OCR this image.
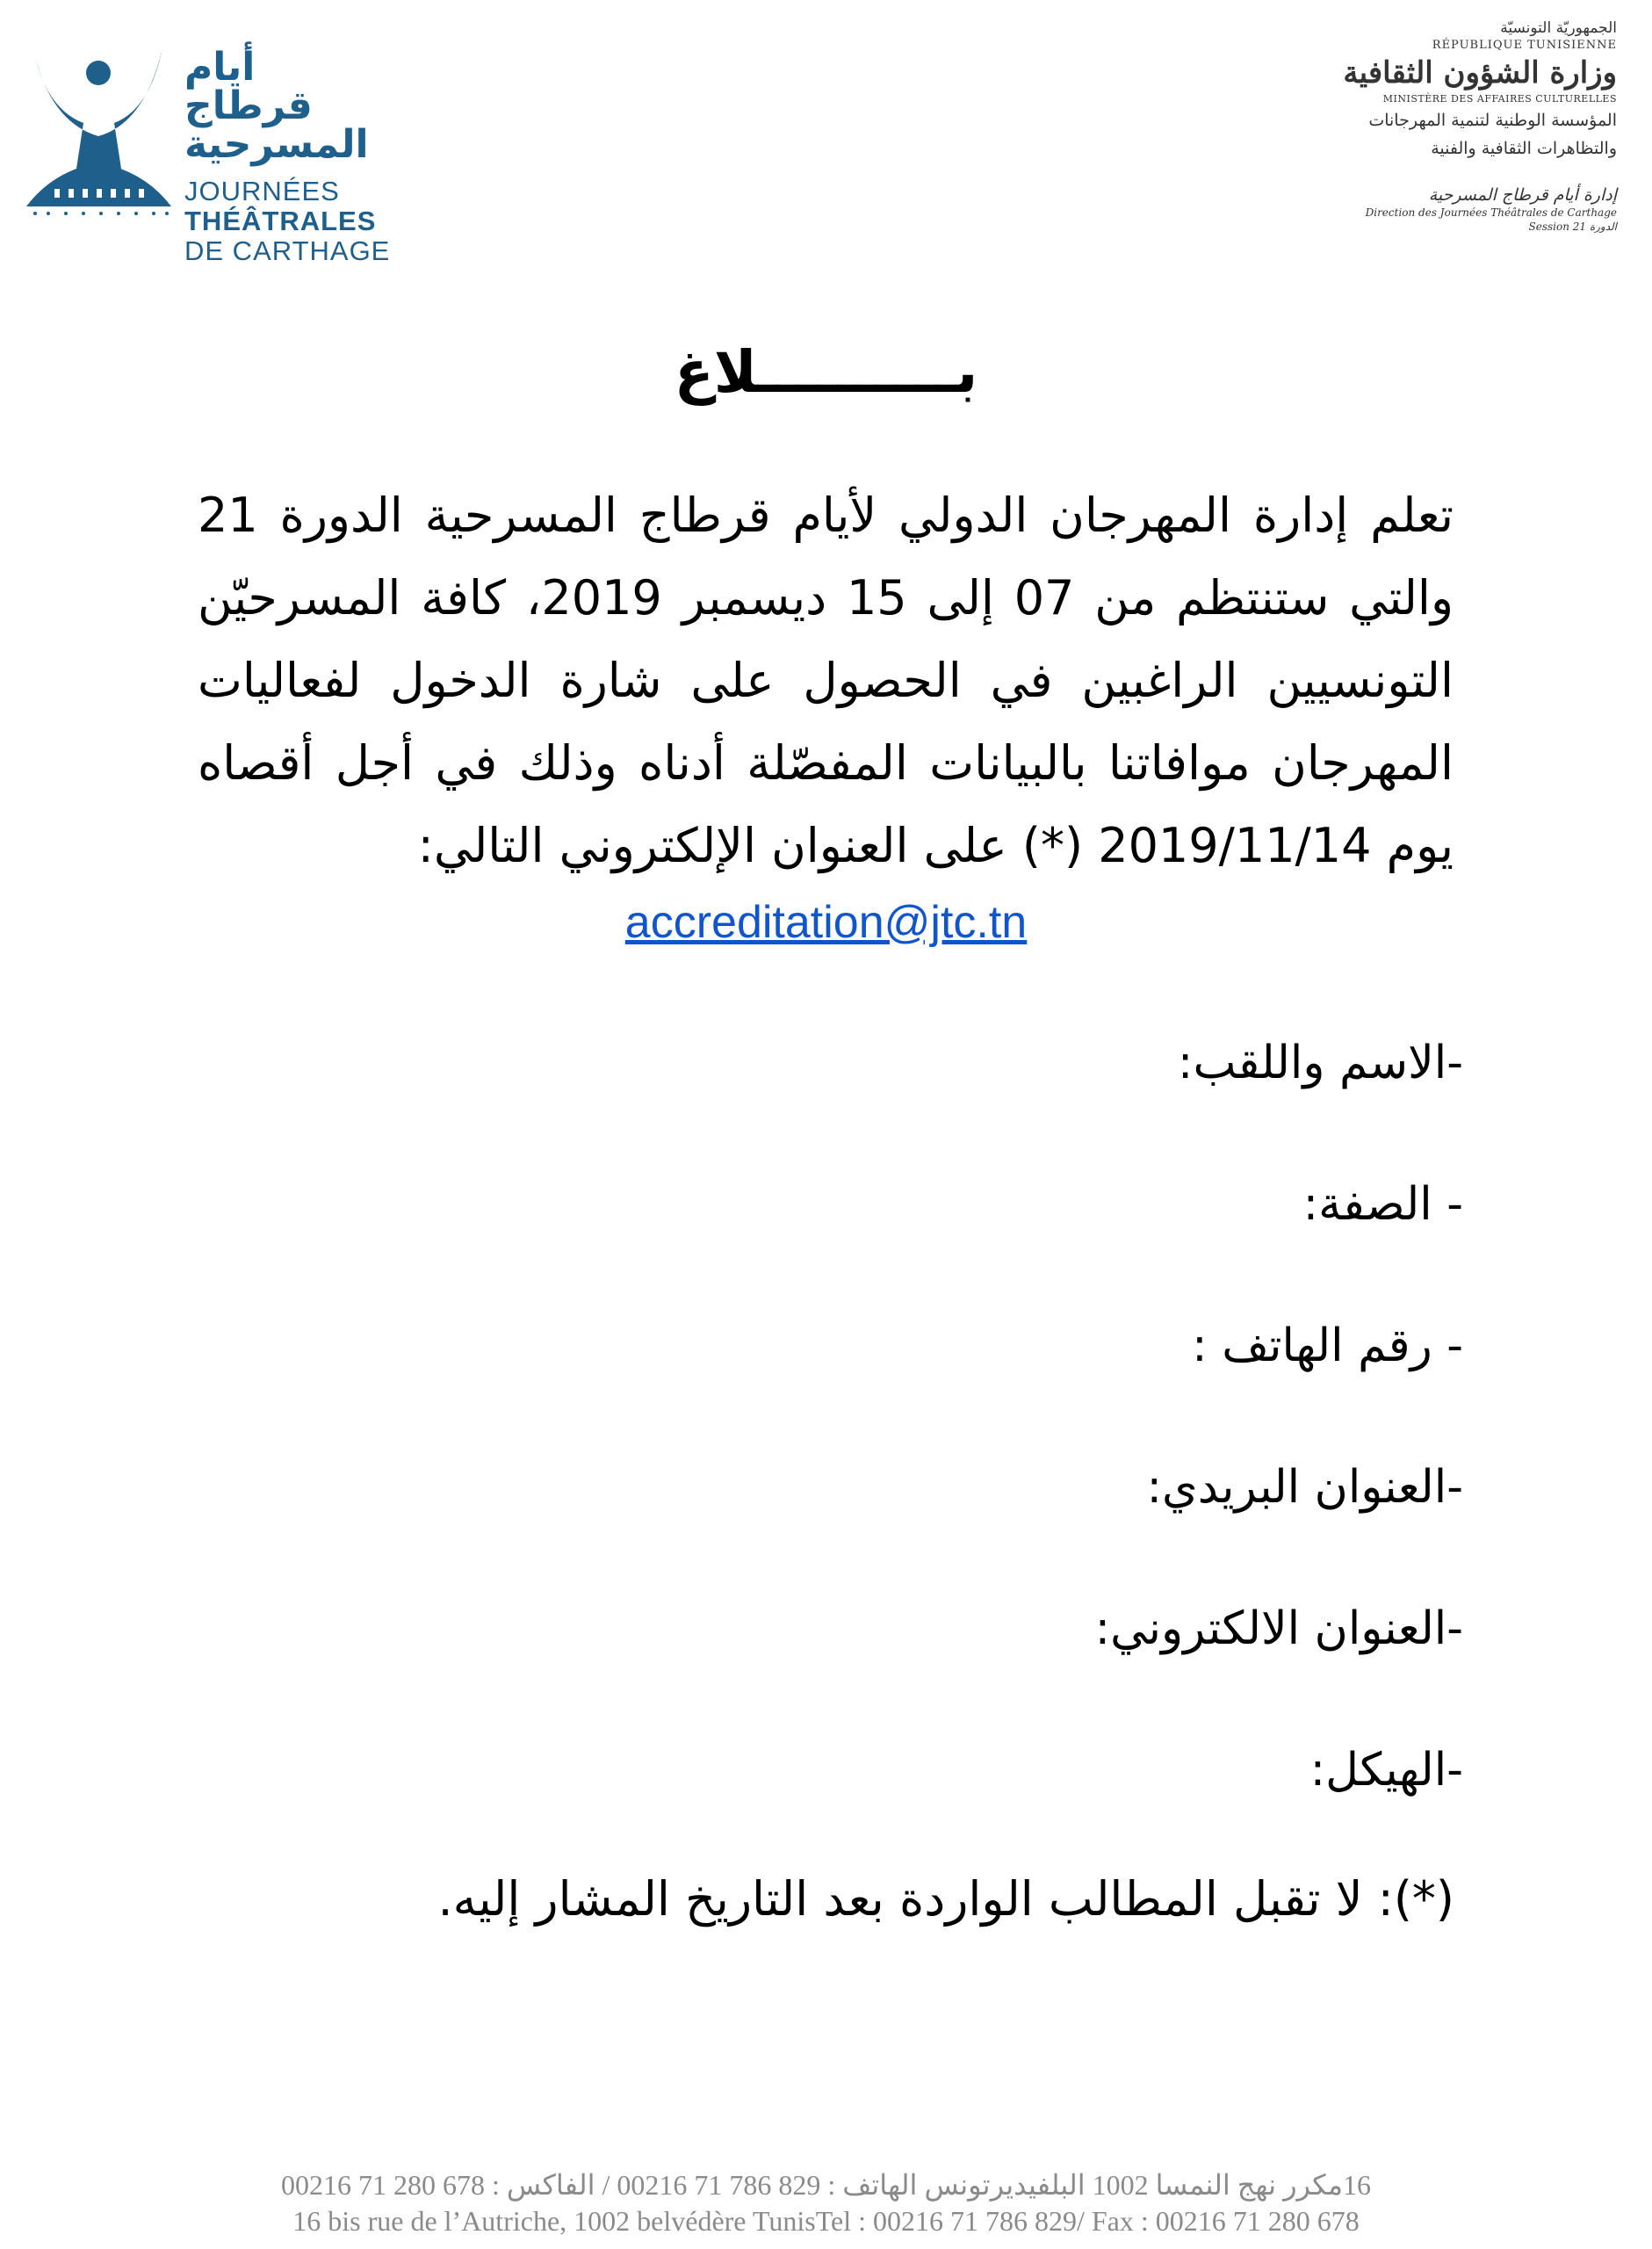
أيام قرطاج المسرحية
JOURNÉES
THÉÂTRALES
DE CARTHAGE
الجمهوريّة التونسيّة
RÉPUBLIQUE TUNISIENNE
وزارة الشؤون الثقافية
MINISTÈRE DES AFFAIRES CULTURELLES
المؤسسة الوطنية لتنمية المهرجانات
والتظاهرات الثقافية والفنية
إدارة أيام قرطاج المسرحية
Direction des Journées Théâtrales de Carthage
Session 21 الدورة
بــــــــــلاغ
تعلم إدارة المهرجان الدولي لأيام قرطاج المسرحية الدورة 21 والتي ستنتظم من 07 إلى 15 ديسمبر 2019، كافة المسرحيّن التونسيين الراغبين في الحصول على شارة الدخول لفعاليات المهرجان موافاتنا بالبيانات المفصّلة أدناه وذلك في أجل أقصاه يوم 2019/11/14 (*) على العنوان الإلكتروني التالي:
accreditation@jtc.tn
-الاسم واللقب:
- الصفة:
- رقم الهاتف :
-العنوان البريدي:
-العنوان الالكتروني:
-الهيكل:
(*): لا تقبل المطالب الواردة بعد التاريخ المشار إليه.
16مكرر نهج النمسا 1002 البلفيديرتونس الهاتف : 829 786 71 00216 / الفاكس : 678 280 71 00216
16 bis rue de l’Autriche, 1002 belvédère TunisTel : 00216 71 786 829/ Fax : 00216 71 280 678
